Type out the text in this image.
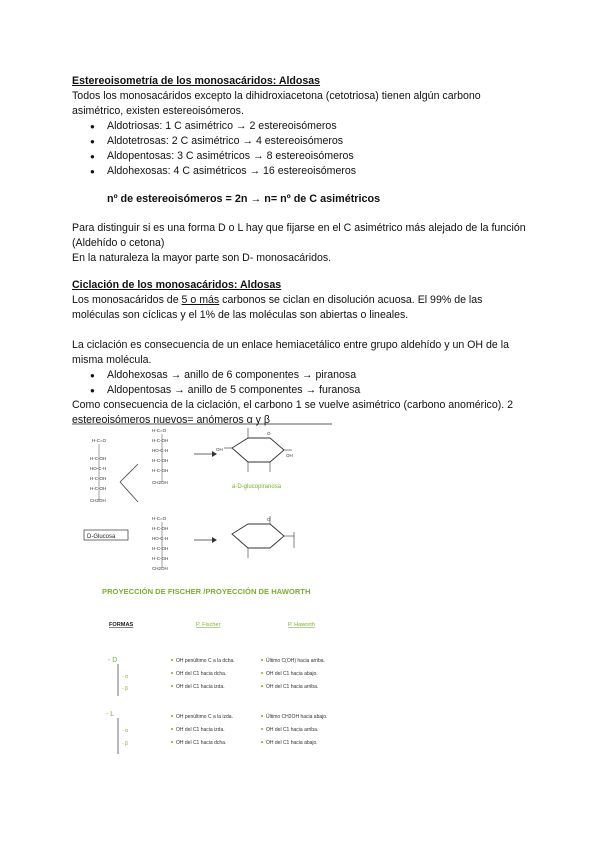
Estereoisometría de los monosacáridos: Aldosas
Todos los monosacáridos excepto la dihidroxiacetona (cetotriosa) tienen algún carbono asimétrico, existen estereoisómeros.
● Aldotriosas: 1 C asimétrico → 2 estereoisómeros
● Aldotetrosas: 2 C asimétrico → 4 estereoisómeros
● Aldopentosas: 3 C asimétricos → 8 estereoisómeros
● Aldohexosas: 4 C asimétricos → 16 estereoisómeros
nº de estereoisómeros = 2n → n= nº de C asimétricos
Para distinguir si es una forma D o L hay que fijarse en el C asimétrico más alejado de la función (Aldehído o cetona)
En la naturaleza la mayor parte son D- monosacáridos.
Ciclación de los monosacáridos: Aldosas
Los monosacáridos de 5 o más carbonos se ciclan en disolución acuosa. El 99% de las moléculas son cíclicas y el 1% de las moléculas son abiertas o lineales.
La ciclación es consecuencia de un enlace hemiacetálico entre grupo aldehído y un OH de la misma molécula.
● Aldohexosas → anillo de 6 componentes → piranosa
● Aldopentosas → anillo de 5 componentes → furanosa
Como consecuencia de la ciclación, el carbono 1 se vuelve asimétrico (carbono anomérico). 2 estereoisómeros nuevos= anómeros α y β
H-C=O
H-C-OH
HO-C-H
H-C-OH
H-C-OH
CH2OH
D-Glucosa
H-C=O
H-C-OH
HO-C-H
H-C-OH
H-C-OH
CH2OH
O
OH
OH
a-D-glucopiranosa
H-C=O
H-C-OH
HO-C-H
H-C-OH
H-C-OH
CH2OH
O
PROYECCIÓN DE FISCHER /PROYECCIÓN DE HAWORTH
FORMAS	P. Fischer	P. Haworth
- D
- α
- β
OH penúltimo C a la dcha.
OH del C1 hacia dcha.
OH del C1 hacia izda.
Último C(OH) hacia arriba.
OH del C1 hacia abajo.
OH del C1 hacia arriba.
- L
- α
- β
OH penúltimo C a la izda.
OH del C1 hacia izda.
OH del C1 hacia dcha.
Último CH2OH hacia abajo.
OH del C1 hacia arriba.
OH del C1 hacia abajo.
